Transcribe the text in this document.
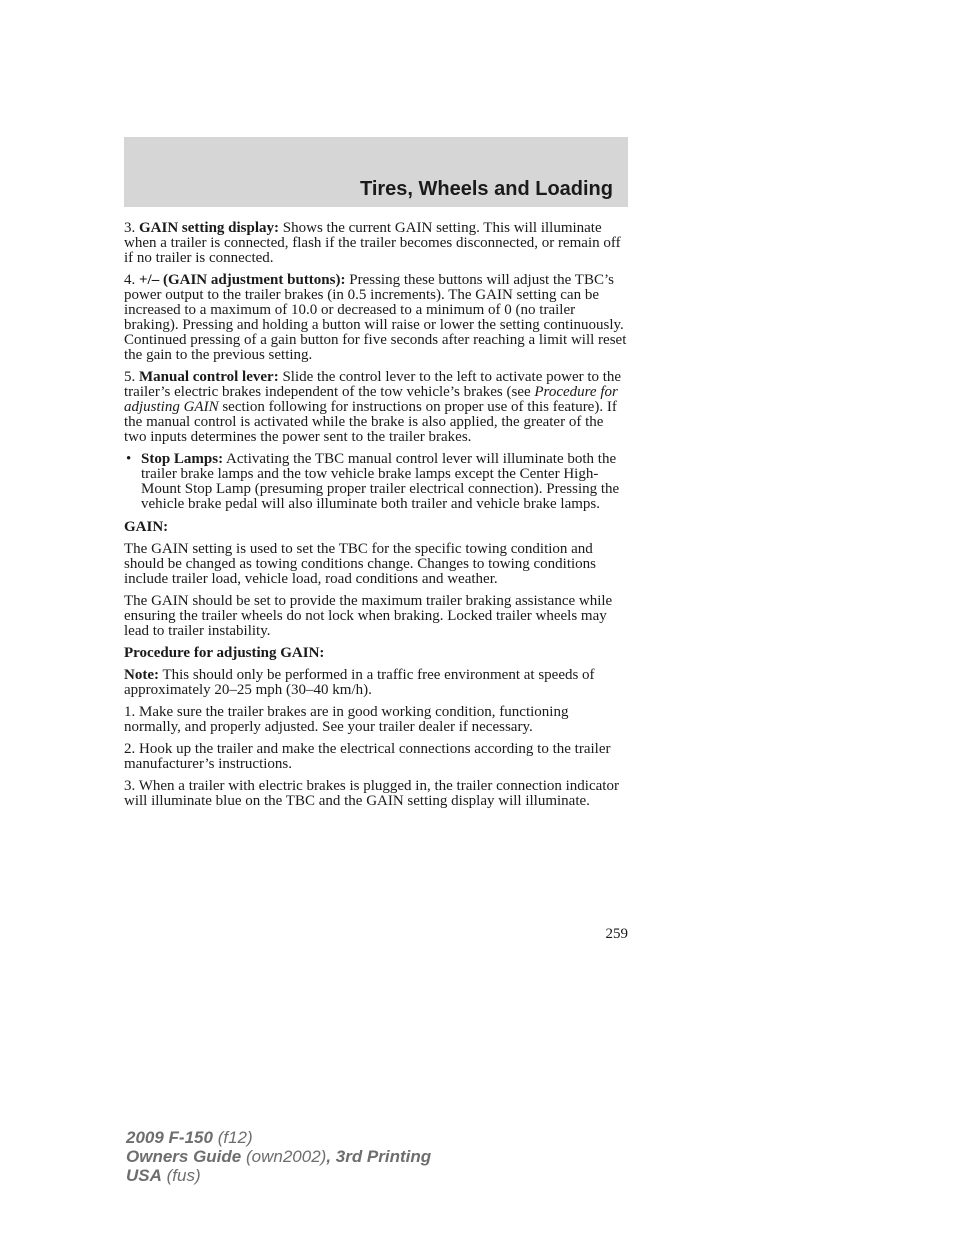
Tires, Wheels and Loading

3. GAIN setting display: Shows the current GAIN setting. This will illuminate when a trailer is connected, flash if the trailer becomes disconnected, or remain off if no trailer is connected.

4. +/– (GAIN adjustment buttons): Pressing these buttons will adjust the TBC’s power output to the trailer brakes (in 0.5 increments). The GAIN setting can be increased to a maximum of 10.0 or decreased to a minimum of 0 (no trailer braking). Pressing and holding a button will raise or lower the setting continuously. Continued pressing of a gain button for five seconds after reaching a limit will reset the gain to the previous setting.

5. Manual control lever: Slide the control lever to the left to activate power to the trailer’s electric brakes independent of the tow vehicle’s brakes (see Procedure for adjusting GAIN section following for instructions on proper use of this feature). If the manual control is activated while the brake is also applied, the greater of the two inputs determines the power sent to the trailer brakes.

• Stop Lamps: Activating the TBC manual control lever will illuminate both the trailer brake lamps and the tow vehicle brake lamps except the Center High-Mount Stop Lamp (presuming proper trailer electrical connection). Pressing the vehicle brake pedal will also illuminate both trailer and vehicle brake lamps.

GAIN:

The GAIN setting is used to set the TBC for the specific towing condition and should be changed as towing conditions change. Changes to towing conditions include trailer load, vehicle load, road conditions and weather.

The GAIN should be set to provide the maximum trailer braking assistance while ensuring the trailer wheels do not lock when braking. Locked trailer wheels may lead to trailer instability.

Procedure for adjusting GAIN:

Note: This should only be performed in a traffic free environment at speeds of approximately 20–25 mph (30–40 km/h).

1. Make sure the trailer brakes are in good working condition, functioning normally, and properly adjusted. See your trailer dealer if necessary.

2. Hook up the trailer and make the electrical connections according to the trailer manufacturer’s instructions.

3. When a trailer with electric brakes is plugged in, the trailer connection indicator will illuminate blue on the TBC and the GAIN setting display will illuminate.

259
2009 F-150 (f12)
Owners Guide (own2002), 3rd Printing
USA (fus)
